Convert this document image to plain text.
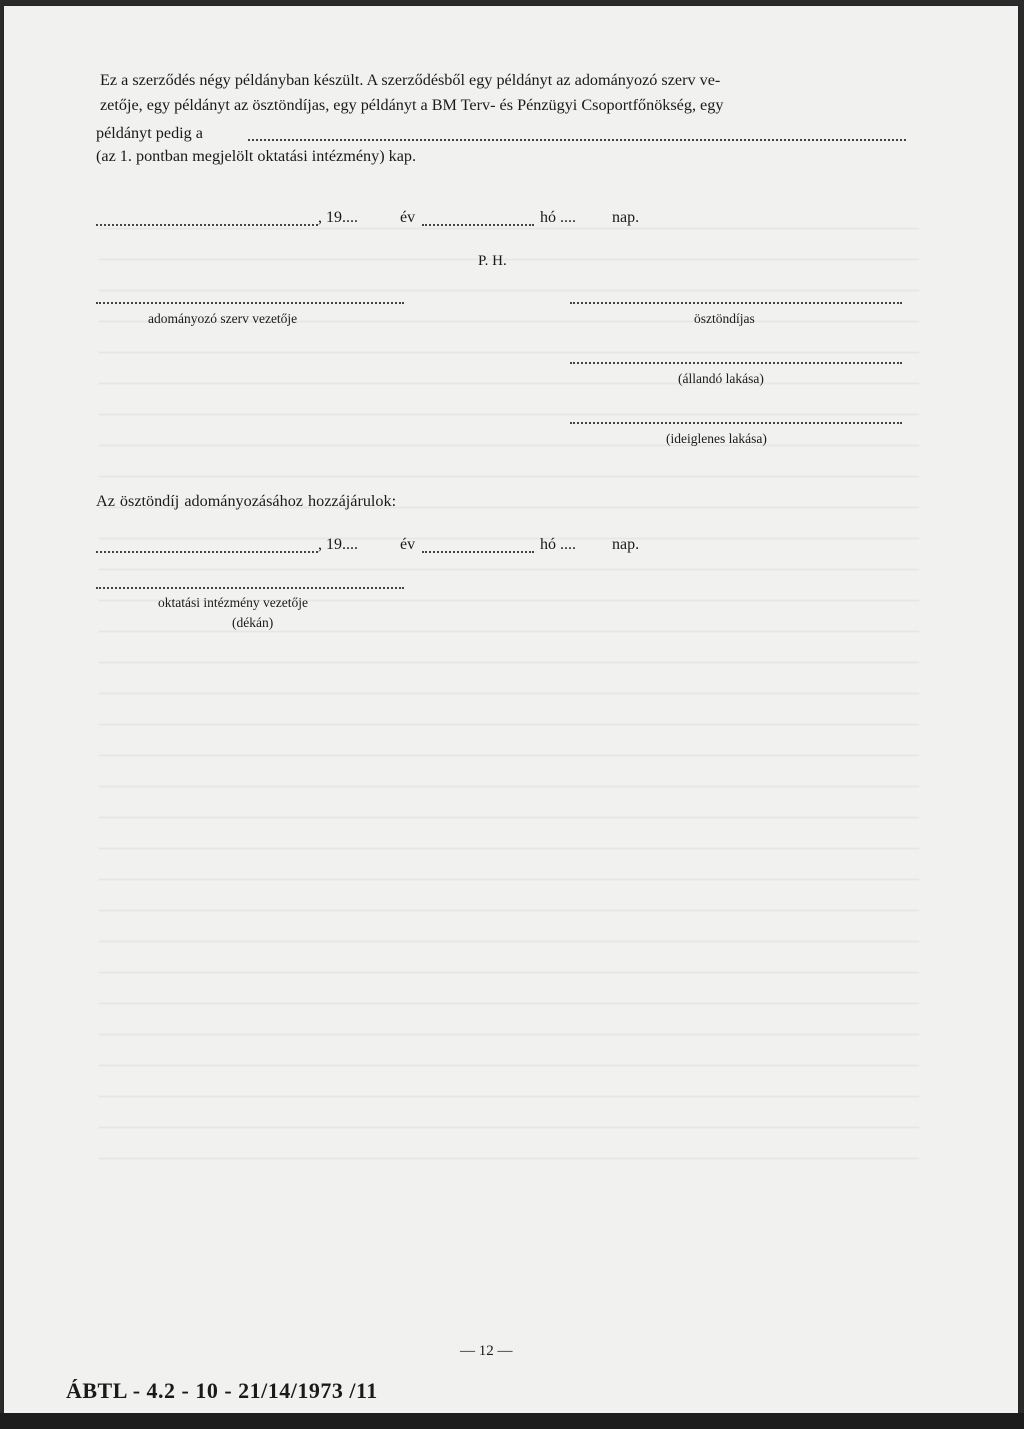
Ez a szerződés négy példányban készült. A szerződésből egy példányt az adományozó szerv ve-
zetője, egy példányt az ösztöndíjas, egy példányt a BM Terv- és Pénzügyi Csoportfőnökség, egy
példányt pedig a
(az 1. pontban megjelölt oktatási intézmény) kap.
, 19....	év	hó .... nap.
P. H.
adományozó szerv vezetője	ösztöndíjas
(állandó lakása)
(ideiglenes lakása)
Az ösztöndíj adományozásához hozzájárulok:
, 19....	év	hó .... nap.
oktatási intézmény vezetője
(dékán)
— 12 —
ÁBTL - 4.2 - 10 - 21/14/1973 /11
